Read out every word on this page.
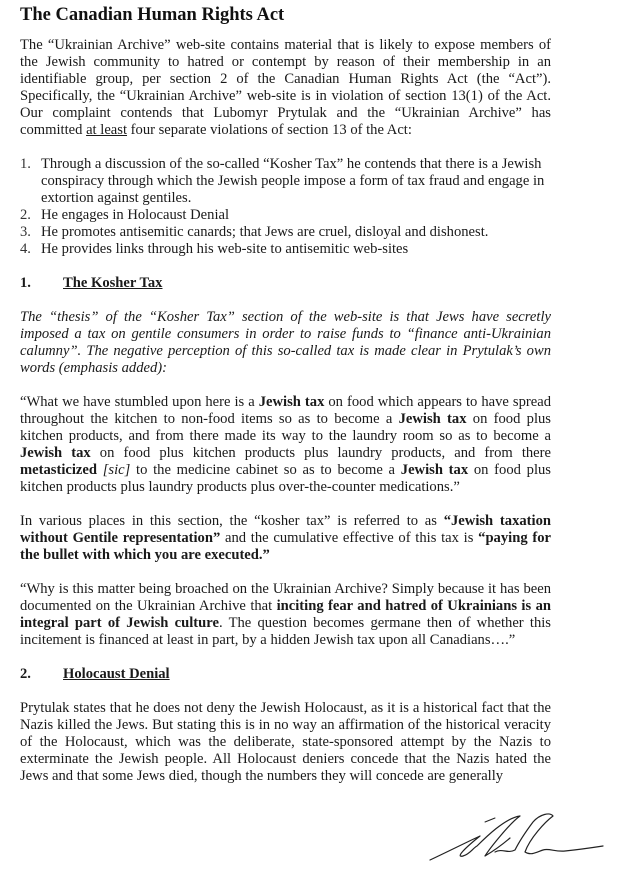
The Canadian Human Rights Act

The “Ukrainian Archive” web-site contains material that is likely to expose members of the Jewish community to hatred or contempt by reason of their membership in an identifiable group, per section 2 of the Canadian Human Rights Act (the “Act”). Specifically, the “Ukrainian Archive” web-site is in violation of section 13(1) of the Act. Our complaint contends that Lubomyr Prytulak and the “Ukrainian Archive” has committed at least four separate violations of section 13 of the Act:

1. Through a discussion of the so-called “Kosher Tax” he contends that there is a Jewish conspiracy through which the Jewish people impose a form of tax fraud and engage in extortion against gentiles.
2. He engages in Holocaust Denial
3. He promotes antisemitic canards; that Jews are cruel, disloyal and dishonest.
4. He provides links through his web-site to antisemitic web-sites
1.	The Kosher Tax

The “thesis” of the “Kosher Tax” section of the web-site is that Jews have secretly imposed a tax on gentile consumers in order to raise funds to “finance anti-Ukrainian calumny”. The negative perception of this so-called tax is made clear in Prytulak’s own words (emphasis added):

“What we have stumbled upon here is a Jewish tax on food which appears to have spread throughout the kitchen to non-food items so as to become a Jewish tax on food plus kitchen products, and from there made its way to the laundry room so as to become a Jewish tax on food plus kitchen products plus laundry products, and from there metasticized [sic] to the medicine cabinet so as to become a Jewish tax on food plus kitchen products plus laundry products plus over-the-counter medications.”

In various places in this section, the “kosher tax” is referred to as “Jewish taxation without Gentile representation” and the cumulative effective of this tax is “paying for the bullet with which you are executed.”

“Why is this matter being broached on the Ukrainian Archive? Simply because it has been documented on the Ukrainian Archive that inciting fear and hatred of Ukrainians is an integral part of Jewish culture. The question becomes germane then of whether this incitement is financed at least in part, by a hidden Jewish tax upon all Canadians….”

2.	Holocaust Denial

Prytulak states that he does not deny the Jewish Holocaust, as it is a historical fact that the Nazis killed the Jews. But stating this is in no way an affirmation of the historical veracity of the Holocaust, which was the deliberate, state-sponsored attempt by the Nazis to exterminate the Jewish people. All Holocaust deniers concede that the Nazis hated the Jews and that some Jews died, though the numbers they will concede are generally
